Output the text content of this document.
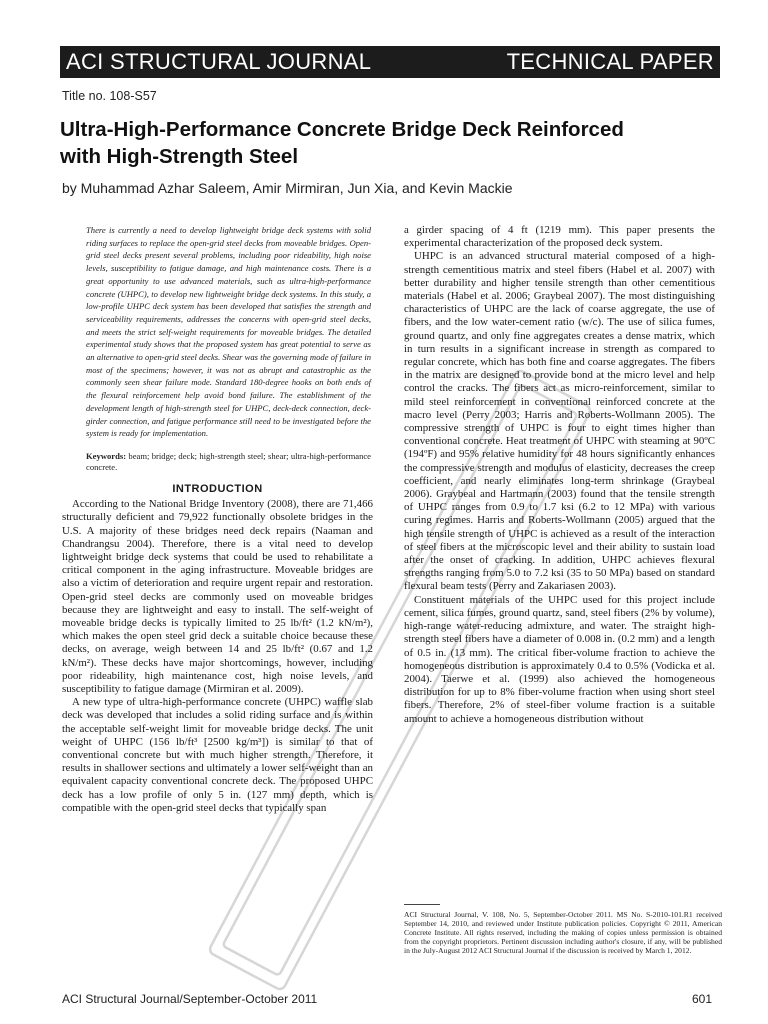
ACI STRUCTURAL JOURNAL	TECHNICAL PAPER
Title no. 108-S57
Ultra-High-Performance Concrete Bridge Deck Reinforced
with High-Strength Steel
by Muhammad Azhar Saleem, Amir Mirmiran, Jun Xia, and Kevin Mackie

There is currently a need to develop lightweight bridge deck systems with solid riding surfaces to replace the open-grid steel decks from moveable bridges. Open-grid steel decks present several problems, including poor rideability, high noise levels, susceptibility to fatigue damage, and high maintenance costs. There is a great opportunity to use advanced materials, such as ultra-high-performance concrete (UHPC), to develop new lightweight bridge deck systems. In this study, a low-profile UHPC deck system has been developed that satisfies the strength and serviceability requirements, addresses the concerns with open-grid steel decks, and meets the strict self-weight requirements for moveable bridges. The detailed experimental study shows that the proposed system has great potential to serve as an alternative to open-grid steel decks. Shear was the governing mode of failure in most of the specimens; however, it was not as abrupt and catastrophic as the commonly seen shear failure mode. Standard 180-degree hooks on both ends of the flexural reinforcement help avoid bond failure. The establishment of the development length of high-strength steel for UHPC, deck-deck connection, deck-girder connection, and fatigue performance still need to be investigated before the system is ready for implementation.

Keywords: beam; bridge; deck; high-strength steel; shear; ultra-high-performance concrete.

INTRODUCTION

According to the National Bridge Inventory (2008), there are 71,466 structurally deficient and 79,922 functionally obsolete bridges in the U.S. A majority of these bridges need deck repairs (Naaman and Chandrangsu 2004). Therefore, there is a vital need to develop lightweight bridge deck systems that could be used to rehabilitate a critical component in the aging infrastructure. Moveable bridges are also a victim of deterioration and require urgent repair and restoration. Open-grid steel decks are commonly used on moveable bridges because they are lightweight and easy to install. The self-weight of moveable bridge decks is typically limited to 25 lb/ft² (1.2 kN/m²), which makes the open steel grid deck a suitable choice because these decks, on average, weigh between 14 and 25 lb/ft² (0.67 and 1.2 kN/m²). These decks have major shortcomings, however, including poor rideability, high maintenance cost, high noise levels, and susceptibility to fatigue damage (Mirmiran et al. 2009).

A new type of ultra-high-performance concrete (UHPC) waffle slab deck was developed that includes a solid riding surface and is within the acceptable self-weight limit for moveable bridge decks. The unit weight of UHPC (156 lb/ft³ [2500 kg/m³]) is similar to that of conventional concrete but with much higher strength. Therefore, it results in shallower sections and ultimately a lower self-weight than an equivalent capacity conventional concrete deck. The proposed UHPC deck has a low profile of only 5 in. (127 mm) depth, which is compatible with the open-grid steel decks that typically span

a girder spacing of 4 ft (1219 mm). This paper presents the experimental characterization of the proposed deck system.

UHPC is an advanced structural material composed of a high-strength cementitious matrix and steel fibers (Habel et al. 2007) with better durability and higher tensile strength than other cementitious materials (Habel et al. 2006; Graybeal 2007). The most distinguishing characteristics of UHPC are the lack of coarse aggregate, the use of fibers, and the low water-cement ratio (w/c). The use of silica fumes, ground quartz, and only fine aggregates creates a dense matrix, which in turn results in a significant increase in strength as compared to regular concrete, which has both fine and coarse aggregates. The fibers in the matrix are designed to provide bond at the micro level and help control the cracks. The fibers act as micro-reinforcement, similar to mild steel reinforcement in conventional reinforced concrete at the macro level (Perry 2003; Harris and Roberts-Wollmann 2005). The compressive strength of UHPC is four to eight times higher than conventional concrete. Heat treatment of UHPC with steaming at 90ºC (194ºF) and 95% relative humidity for 48 hours significantly enhances the compressive strength and modulus of elasticity, decreases the creep coefficient, and nearly eliminates long-term shrinkage (Graybeal 2006). Graybeal and Hartmann (2003) found that the tensile strength of UHPC ranges from 0.9 to 1.7 ksi (6.2 to 12 MPa) with various curing regimes. Harris and Roberts-Wollmann (2005) argued that the high tensile strength of UHPC is achieved as a result of the interaction of steel fibers at the microscopic level and their ability to sustain load after the onset of cracking. In addition, UHPC achieves flexural strengths ranging from 5.0 to 7.2 ksi (35 to 50 MPa) based on standard flexural beam tests (Perry and Zakariasen 2003).

Constituent materials of the UHPC used for this project include cement, silica fumes, ground quartz, sand, steel fibers (2% by volume), high-range water-reducing admixture, and water. The straight high-strength steel fibers have a diameter of 0.008 in. (0.2 mm) and a length of 0.5 in. (13 mm). The critical fiber-volume fraction to achieve the homogeneous distribution is approximately 0.4 to 0.5% (Vodicka et al. 2004). Taerwe et al. (1999) also achieved the homogeneous distribution for up to 8% fiber-volume fraction when using short steel fibers. Therefore, 2% of steel-fiber volume fraction is a suitable amount to achieve a homogeneous distribution without

ACI Structural Journal, V. 108, No. 5, September-October 2011. MS No. S-2010-101.R1 received September 14, 2010, and reviewed under Institute publication policies. Copyright © 2011, American Concrete Institute. All rights reserved, including the making of copies unless permission is obtained from the copyright proprietors. Pertinent discussion including author's closure, if any, will be published in the July-August 2012 ACI Structural Journal if the discussion is received by March 1, 2012.
ACI Structural Journal/September-October 2011	601
